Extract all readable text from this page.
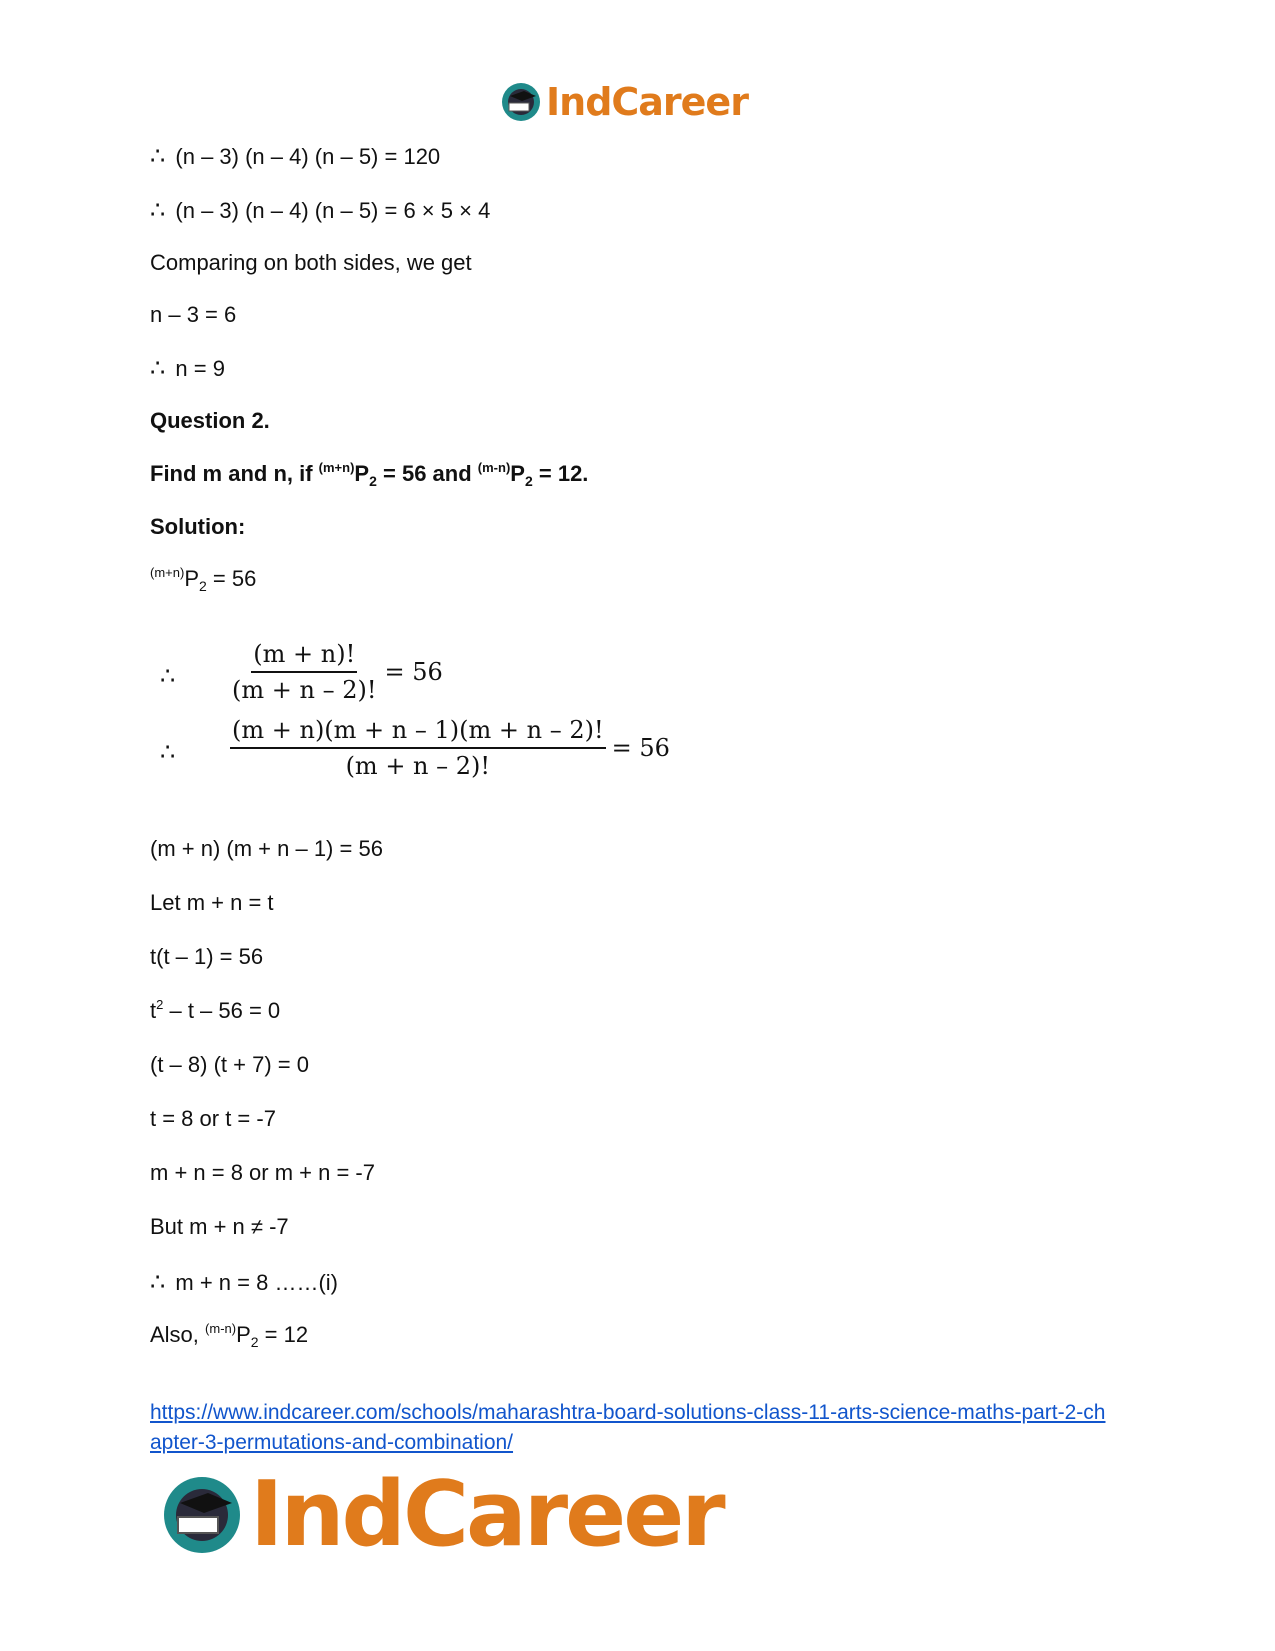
IndCareer
∴ (n – 3) (n – 4) (n – 5) = 120
∴ (n – 3) (n – 4) (n – 5) = 6 × 5 × 4
Comparing on both sides, we get
n – 3 = 6
∴ n = 9
Question 2.
Find m and n, if $^{(m+n)}P_2 = 56$ and $^{(m-n)}P_2 = 12$.
Solution:
$^{(m+n)}P_2 = 56$
∴ $\frac{(m + n)!}{(m + n - 2)!} = 56$
∴ $\frac{(m + n)(m + n - 1)(m + n - 2)!}{(m + n - 2)!} = 56$
(m + n) (m + n – 1) = 56
Let m + n = t
t(t – 1) = 56
$t^2 - t - 56 = 0$
(t – 8) (t + 7) = 0
t = 8 or t = -7
m + n = 8 or m + n = -7
But m + n ≠ -7
∴ m + n = 8 ……(i)
Also, $^{(m-n)}P_2 = 12$
https://www.indcareer.com/schools/maharashtra-board-solutions-class-11-arts-science-maths-part-2-chapter-3-permutations-and-combination/
IndCareer
